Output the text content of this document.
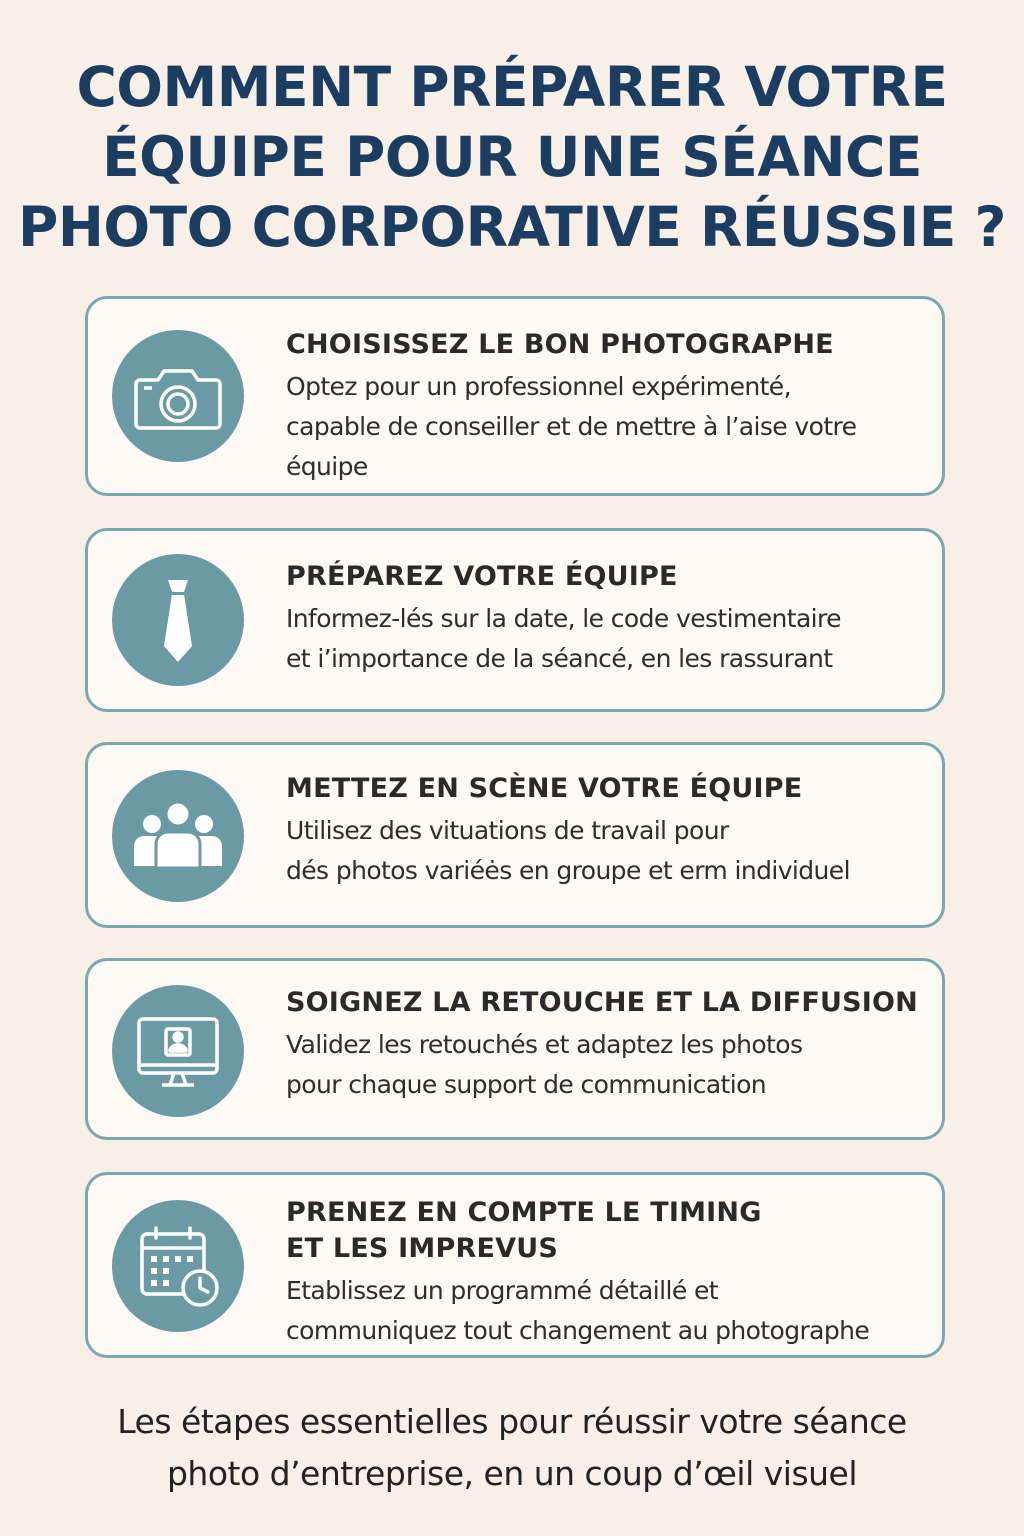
COMMENT PRÉPARER VOTRE
ÉQUIPE POUR UNE SÉANCE
PHOTO CORPORATIVE RÉUSSIE ?
CHOISISSEZ LE BON PHOTOGRAPHE
Optez pour un professionnel expérimenté,
capable de conseiller et de mettre à l’aise votre
équipe
PRÉPAREZ VOTRE ÉQUIPE
Informez-lés sur la date, le code vestimentaire
et i’importance de la séancé, en les rassurant
METTEZ EN SCÈNE VOTRE ÉQUIPE
Utilisez des vituations de travail pour
dés photos variéės en groupe et erm individuel
SOIGNEZ LA RETOUCHE ET LA DIFFUSION
Validez les retouchés et adaptez les photos
pour chaque support de communication
PRENEZ EN COMPTE LE TIMING
ET LES IMPREVUS
Etablissez un programmé détaillé et
communiquez tout changement au photographe
Les étapes essentielles pour réussir votre séance
photo d’entreprise, en un coup d’œil visuel
